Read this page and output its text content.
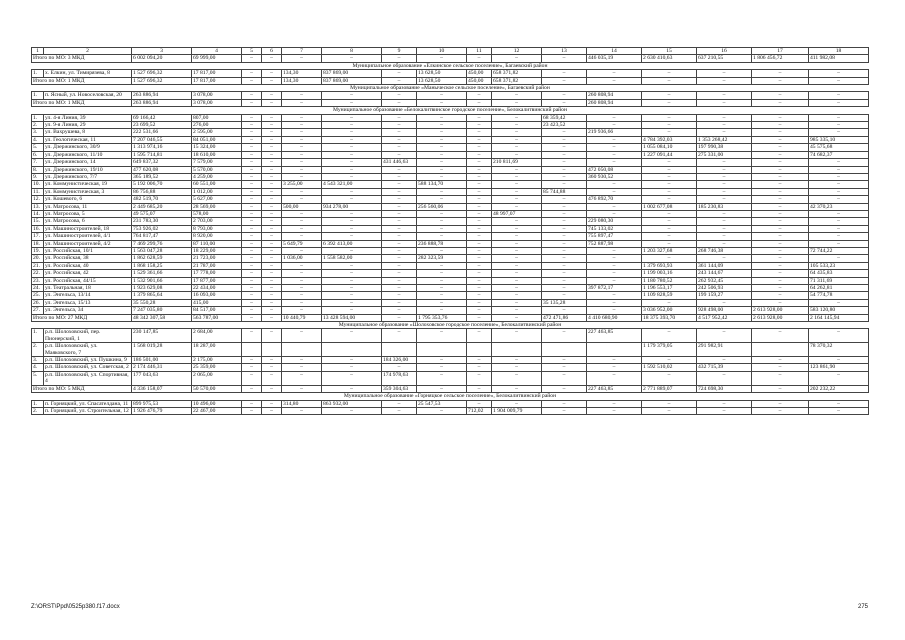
1	2	3	4	5	6	7	8	9	10	11	12	13	14	15	16	17	18
Итого по МО: 3 МКД		6 002 094,20	69 999,00	–	–	–	–	–	–	–	–	–	446 035,19	2 630 410,63	637 210,55	1 806 456,72	411 982,08
Муниципальное образование «Елкинское сельское поселение», Багаевский район																	
1.	х. Елкин, ул. Тимирязева, 8	1 527 696,32	17 817,00	–	–	134,30	837 869,00	–	13 628,50	450,00	658 371,82	–	–	–	–	–	–
Итого по МО: 1 МКД		1 527 696,32	17 817,00	–	–	134,30	837 869,00	–	13 628,50	450,00	658 371,82	–	–	–	–	–	–
Муниципальное образование «Маныческое сельское поселение», Багаевский район																	
1.	п. Ясный, ул. Новоселовская, 20	263 886,94	3 078,00	–	–	–	–	–	–	–	–	–	260 808,94	–	–	–	–
Итого по МО: 1 МКД		263 886,94	3 078,00	–	–	–	–	–	–	–	–	–	260 808,94	–	–	–	–
Муниципальное образование «Белокалитвинское городское поселение», Белокалитвинский район																	
1.	ул. 4-я Линия, 39	69 166,42	807,00	–	–	–	–	–	–	–	–	68 359,42	–	–	–	–	–
2.	ул. 9-я Линия, 29	23 699,52	276,00	–	–	–	–	–	–	–	–	23 423,52	–	–	–	–	–
3.	ул. Вахрушева, 8	222 531,66	2 595,00	–	–	–	–	–	–	–	–	–	219 936,66	–	–	–	–
4.	ул. Геологическая, 11	7 207 046,55	84 051,00	–	–	–	–	–	–	–	–	–	–	4 784 392,03	1 353 268,42	–	985 335,10
5.	ул. Дзержинского, 30/9	1 313 974,16	15 324,00	–	–	–	–	–	–	–	–	–	–	1 055 084,10	197 990,38	–	45 575,68
6.	ул. Дзержинского, 11/10	1 595 714,81	18 610,00	–	–	–	–	–	–	–	–	–	–	1 227 091,44	275 331,00	–	74 682,37
7.	ул. Дзержинского, 14	649 837,32	7 579,00	–	–	–	–	431 446,63	–	–	210 811,69	–	–	–	–	–	–
8.	ул. Дзержинского, 19/10	477 620,08	5 570,00	–	–	–	–	–	–	–	–	–	472 050,08	–	–	–	–
9.	ул. Дзержинского, 7/7	365 189,52	4 259,00	–	–	–	–	–	–	–	–	–	360 930,52	–	–	–	–
10.	ул. Коммунистическая, 19	5 192 006,70	60 551,00	–	–	3 255,00	4 543 321,00	–	588 134,70	–	–	–	–	–	–	–	–
11.	ул. Коммунистическая, 3	86 756,88	1 012,00	–	–	–	–	–	–	–	–	85 744,88	–	–	–	–	–
12.	ул. Кошевого, 6	482 519,70	5 627,00	–	–	–	–	–	–	–	–	–	476 892,70	–	–	–	–
13.	ул. Матросова, 11	2 449 685,20	28 569,00	–	–	500,00	934 278,00	–	256 560,06	–	–	–	–	1 002 677,08	185 230,83	–	42 370,23
14.	ул. Матросова, 5	49 575,07	578,00	–	–	–	–	–	–	–	48 997,07	–	–	–	–	–	–
15.	ул. Матросова, 6	231 783,30	2 703,00	–	–	–	–	–	–	–	–	–	229 080,30	–	–	–	–
16.	ул. Машиностроителей, 18	753 926,02	8 793,00	–	–	–	–	–	–	–	–	–	745 133,02	–	–	–	–
17.	ул. Машиностроителей, 4/1	764 817,47	8 920,00	–	–	–	–	–	–	–	–	–	755 897,47	–	–	–	–
18.	ул. Машиностроителей, 4/2	7 469 299,76	87 110,00	–	–	5 649,79	6 392 413,00	–	236 888,78	–	–	–	752 887,98	–	–	–	–
19.	ул. Российская, 10/1	1 563 047,28	18 229,00	–	–	–	–	–	–	–	–	–	–	1 203 327,68	268 746,38	–	72 744,22
20.	ул. Российская, 38	1 862 628,59	21 723,00	–	–	1 036,00	1 558 582,00	–	282 323,59	–	–	–	–	–	–	–	–
21.	ул. Российская, 40	1 868 158,25	21 787,00	–	–	–	–	–	–	–	–	–	–	1 379 693,93	361 144,09	–	105 533,23
22.	ул. Российская, 42	1 529 361,66	17 778,00	–	–	–	–	–	–	–	–	–	–	1 199 003,16	243 144,67	–	64 435,83
23.	ул. Российская, 44/15	1 532 901,66	17 877,00	–	–	–	–	–	–	–	–	–	–	1 180 780,52	262 932,45	–	71 311,69
24.	ул. Театральная, 18	1 923 629,08	22 434,00	–	–	–	–	–	–	–	–	–	397 872,17	1 196 553,17	242 506,93	–	64 262,81
25.	ул. Энгельса, 13/14	1 379 865,64	16 093,00	–	–	–	–	–	–	–	–	–	–	1 109 828,59	199 159,27	–	54 774,78
26.	ул. Энгельса, 15/13	35 550,28	415,00	–	–	–	–	–	–	–	–	35 135,28	–	–	–	–	–
27.	ул. Энгельса, 34	7 247 035,80	84 517,00	–	–	–	–	–	–	–	–	–	–	3 036 952,00	928 498,00	2 613 928,00	583 120,80
Итого по МО: 27 МКД		48 342 307,58	563 787,00	–	–	10 440,79	13 428 594,00	–	1 795 353,76	–	–	472 471,86	4 410 680,90	18 375 393,70	4 517 952,42	2 613 928,00	2 164 145,94
Муниципальное образование «Шолоховское городское поселение», Белокалитвинский район																	
1.	р.п. Шолоховский, пер. Пионерский, 1	230 147,85	2 684,00	–	–	–	–	–	–	–	–	–	227 463,85	–	–	–	–
2.	р.п. Шолоховский, ул. Маяковского, 7	1 568 019,28	18 287,00											1 179 379,05	291 982,91		78 370,32
3.	р.п. Шолоховский, ул. Пушкина, 9	186 501,00	2 175,00	–	–	–	–	184 326,00	–	–	–	–	–	–	–	–	–
4.	р.п. Шолоховский, ул. Советская, 2	2 174 446,31	25 359,00	–	–	–	–	–	–	–	–	–	–	1 592 510,02	432 715,39	–	123 861,90
5.	р.п. Шолоховский, ул. Спортивная, 4	177 043,63	2 065,00	–	–	–	–	174 978,63	–	–	–	–	–	–	–	–	–
Итого по МО: 5 МКД		4 336 158,07	50 570,00	–	–	–	–	359 304,63	–	–	–	–	227 463,85	2 771 889,07	724 698,30	–	202 232,22
Муниципальное образование «Горняцкое сельское поселение», Белокалитвинский район																	
1.	п. Горняцкий, ул. Спасателдана, 11	899 975,53	10 496,00	–	–	314,80	863 932,00	–	25 547,53	–	–	–	–	–	–	–	–
2.	п. Горняцкий, ул. Строительная, 12	1 926 476,79	22 467,00	–	–	–	–	–	–	712,02	1 904 009,79	–	–	–	–	–	–
Z:\ORST\Ppd\0525p380.f17.docx	275
